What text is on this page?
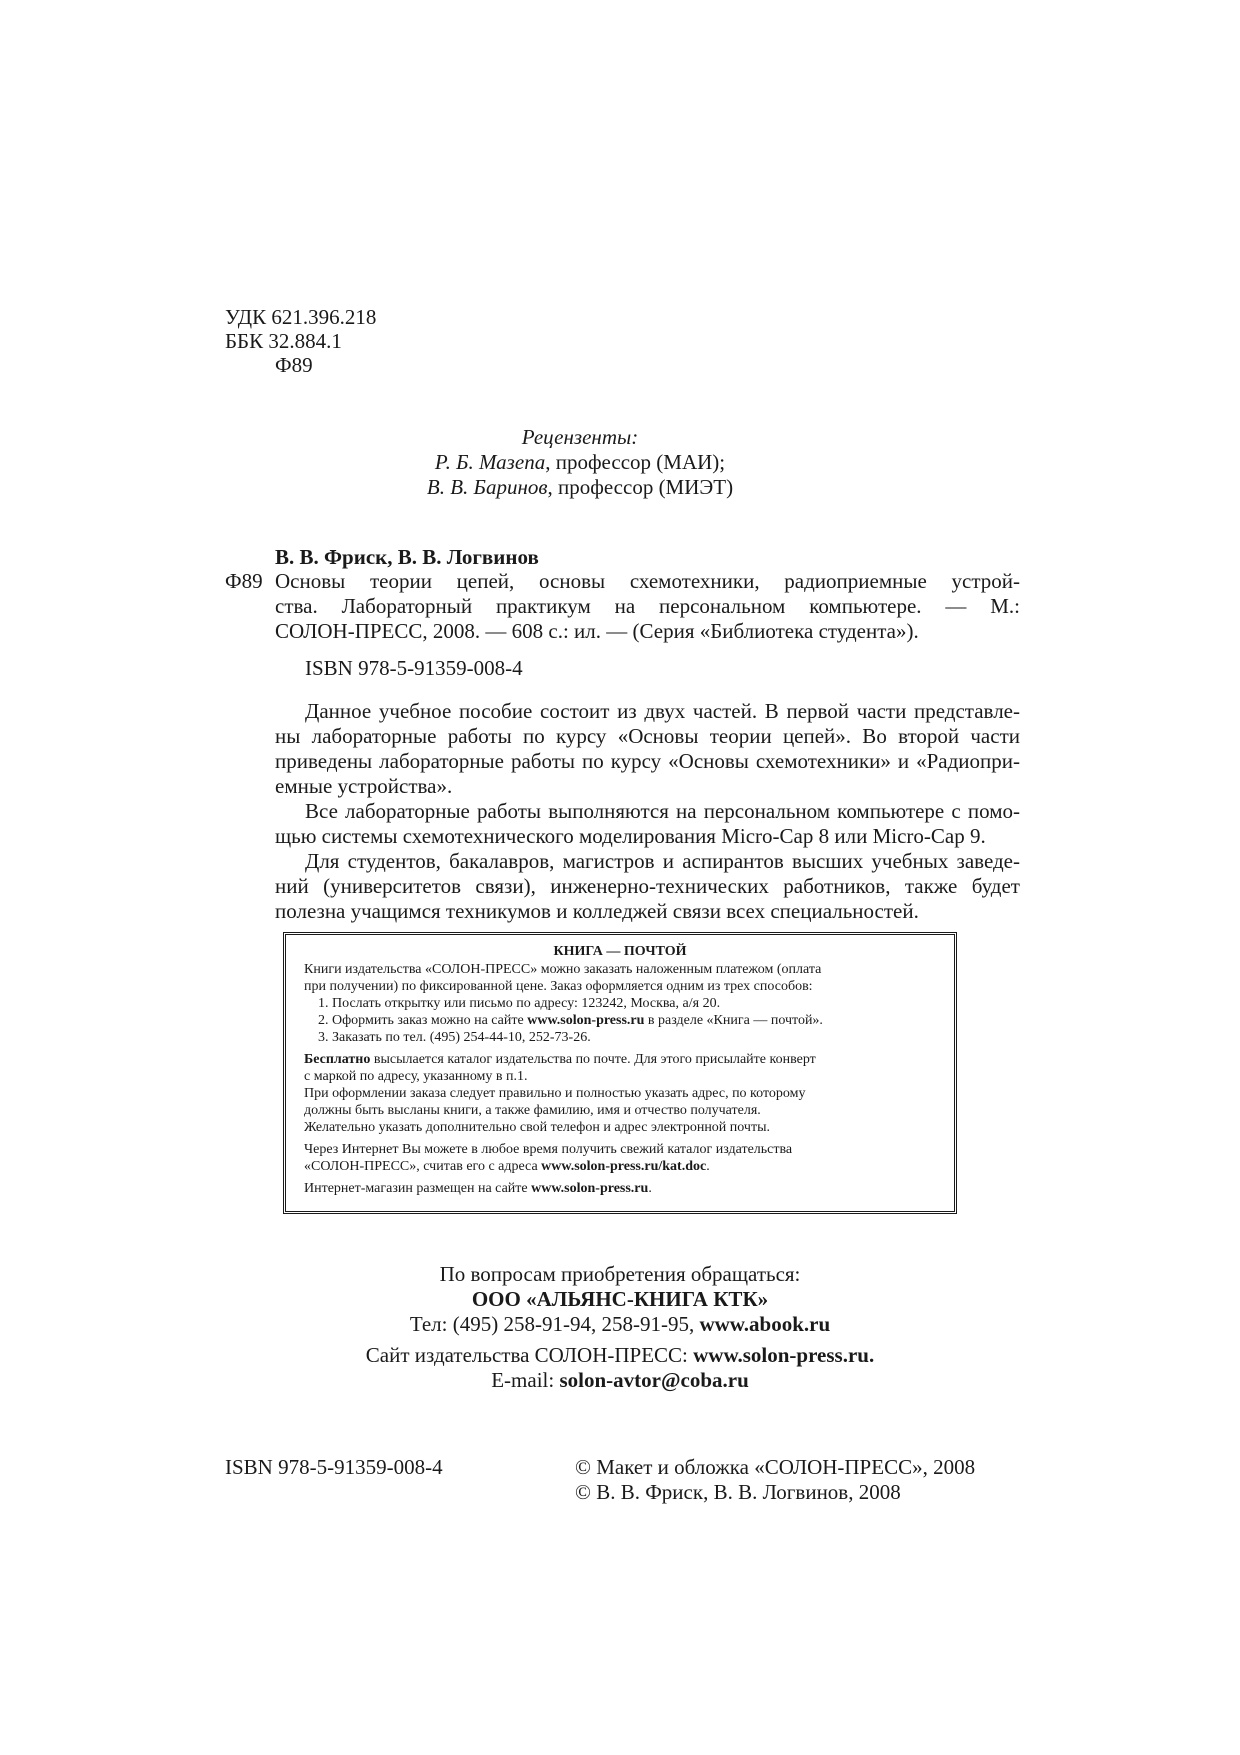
УДК 621.396.218
ББК 32.884.1
Ф89
Рецензенты:
Р. Б. Мазепа, профессор (МАИ);
В. В. Баринов, профессор (МИЭТ)
В. В. Фриск, В. В. Логвинов
Ф89 Основы теории цепей, основы схемотехники, радиоприемные устрой-
ства. Лабораторный практикум на персональном компьютере. — М.:
СОЛОН-ПРЕСС, 2008. — 608 с.: ил. — (Серия «Библиотека студента»).
ISBN 978-5-91359-008-4
Данное учебное пособие состоит из двух частей. В первой части представле-
ны лабораторные работы по курсу «Основы теории цепей». Во второй части
приведены лабораторные работы по курсу «Основы схемотехники» и «Радиопри-
емные устройства».
Все лабораторные работы выполняются на персональном компьютере с помо-
щью системы схемотехнического моделирования Micro-Cap 8 или Micro-Cap 9.
Для студентов, бакалавров, магистров и аспирантов высших учебных заведе-
ний (университетов связи), инженерно-технических работников, также будет
полезна учащимся техникумов и колледжей связи всех специальностей.
КНИГА — ПОЧТОЙ
Книги издательства «СОЛОН-ПРЕСС» можно заказать наложенным платежом (оплата
при получении) по фиксированной цене. Заказ оформляется одним из трех способов:
1. Послать открытку или письмо по адресу: 123242, Москва, а/я 20.
2. Оформить заказ можно на сайте www.solon-press.ru в разделе «Книга — почтой».
3. Заказать по тел. (495) 254-44-10, 252-73-26.
Бесплатно высылается каталог издательства по почте. Для этого присылайте конверт
с маркой по адресу, указанному в п.1.
При оформлении заказа следует правильно и полностью указать адрес, по которому
должны быть высланы книги, а также фамилию, имя и отчество получателя.
Желательно указать дополнительно свой телефон и адрес электронной почты.
Через Интернет Вы можете в любое время получить свежий каталог издательства
«СОЛОН-ПРЕСС», считав его с адреса www.solon-press.ru/kat.doc.
Интернет-магазин размещен на сайте www.solon-press.ru.
По вопросам приобретения обращаться:
ООО «АЛЬЯНС-КНИГА КТК»
Тел: (495) 258-91-94, 258-91-95, www.abook.ru
Сайт издательства СОЛОН-ПРЕСС: www.solon-press.ru.
E-mail: solon-avtor@coba.ru
ISBN 978-5-91359-008-4	© Макет и обложка «СОЛОН-ПРЕСС», 2008
© В. В. Фриск, В. В. Логвинов, 2008
